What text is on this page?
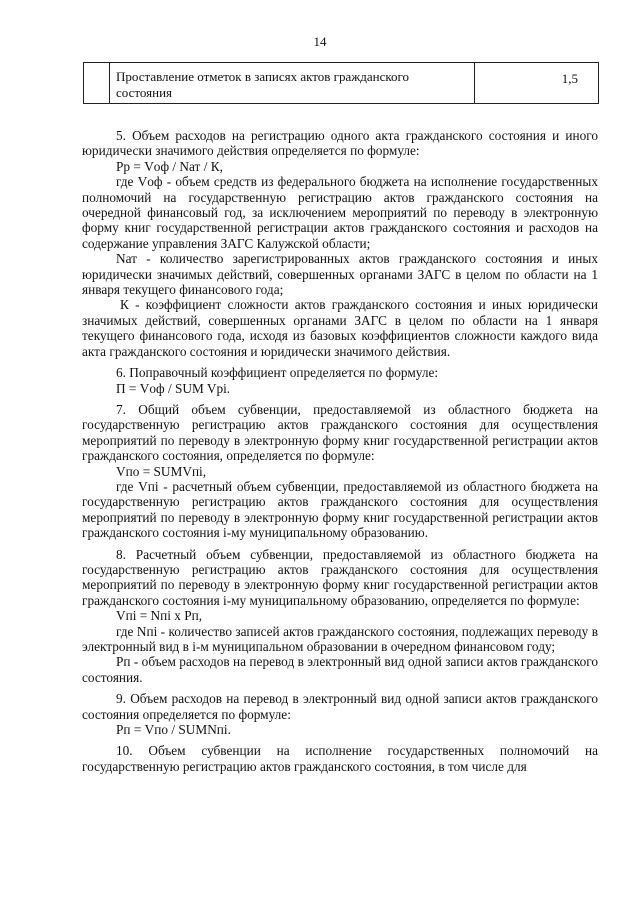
14
	Проставление отметок в записях актов гражданского состояния	1,5

5. Объем расходов на регистрацию одного акта гражданского состояния и иного юридически значимого действия определяется по формуле:

Рр = Vоф / Nат / К,

где Vоф - объем средств из федерального бюджета на исполнение государственных полномочий на государственную регистрацию актов гражданского состояния на очередной финансовый год, за исключением мероприятий по переводу в электронную форму книг государственной регистрации актов гражданского состояния и расходов на содержание управления ЗАГС Калужской области;

Nат - количество зарегистрированных актов гражданского состояния и иных юридически значимых действий, совершенных органами ЗАГС в целом по области на 1 января текущего финансового года;

К - коэффициент сложности актов гражданского состояния и иных юридически значимых действий, совершенных органами ЗАГС в целом по области на 1 января текущего финансового года, исходя из базовых коэффициентов сложности каждого вида акта гражданского состояния и юридически значимого действия.

6. Поправочный коэффициент определяется по формуле:

П = Vоф / SUM Vрi.

7. Общий объем субвенции, предоставляемой из областного бюджета на государственную регистрацию актов гражданского состояния для осуществления мероприятий по переводу в электронную форму книг государственной регистрации актов гражданского состояния, определяется по формуле:

Vпо = SUMVпi,

где Vпi - расчетный объем субвенции, предоставляемой из областного бюджета на государственную регистрацию актов гражданского состояния для осуществления мероприятий по переводу в электронную форму книг государственной регистрации актов гражданского состояния i-му муниципальному образованию.

8. Расчетный объем субвенции, предоставляемой из областного бюджета на государственную регистрацию актов гражданского состояния для осуществления мероприятий по переводу в электронную форму книг государственной регистрации актов гражданского состояния i-му муниципальному образованию, определяется по формуле:

Vпi = Nпi х Рп,

где Nпi - количество записей актов гражданского состояния, подлежащих переводу в электронный вид в i-м муниципальном образовании в очередном финансовом году;

Рп - объем расходов на перевод в электронный вид одной записи актов гражданского состояния.

9. Объем расходов на перевод в электронный вид одной записи актов гражданского состояния определяется по формуле:

Рп = Vпо / SUMNпi.

10. Объем субвенции на исполнение государственных полномочий на государственную регистрацию актов гражданского состояния, в том числе для
